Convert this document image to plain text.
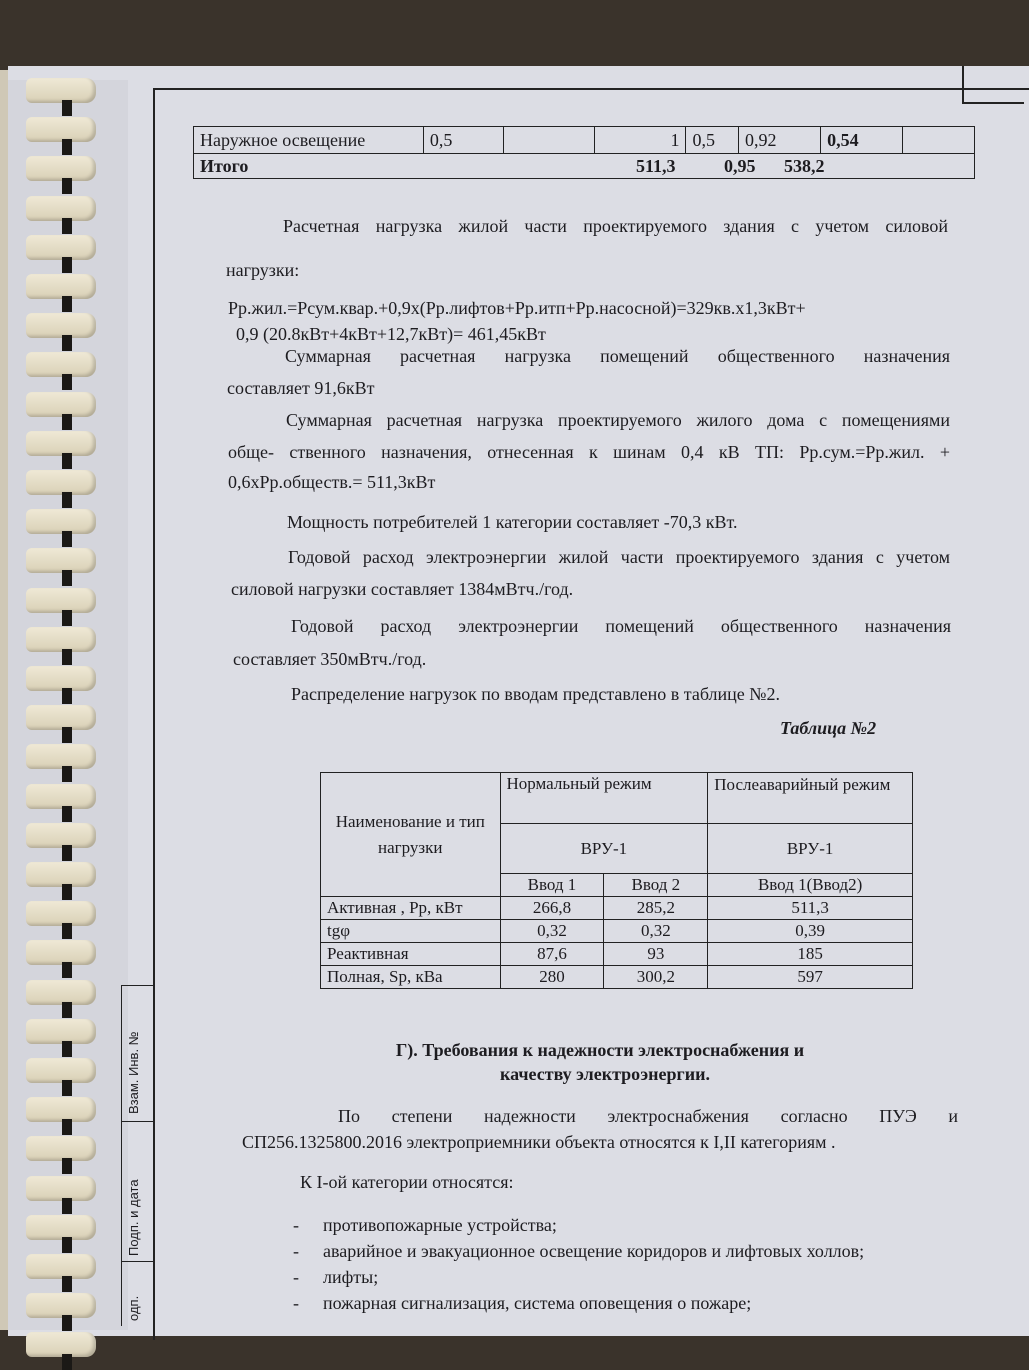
Взам. Инв. №
Подп. и дата
одп.
Наружное освещение	0,5		1	0,5	0,92	0,54	
Итого	511,3	0,95 538,2

Расчетная нагрузка жилой части проектируемого здания с учетом силовой

нагрузки:

Рр.жил.=Рсум.квар.+0,9х(Рр.лифтов+Рр.итп+Рр.насосной)=329кв.х1,3кВт+

0,9 (20.8кВт+4кВт+12,7кВт)= 461,45кВт

Суммарная расчетная нагрузка помещений общественного назначения

составляет 91,6кВт

Суммарная расчетная нагрузка проектируемого жилого дома с помещениями

обще- ственного назначения, отнесенная к шинам 0,4 кВ ТП: Рр.сум.=Рр.жил. +

0,6хРр.обществ.= 511,3кВт

Мощность потребителей 1 категории составляет -70,3 кВт.

Годовой расход электроэнергии жилой части проектируемого здания с учетом

силовой нагрузки составляет 1384мВтч./год.

Годовой расход электроэнергии помещений общественного назначения

составляет 350мВтч./год.

Распределение нагрузок по вводам представлено в таблице №2.

Таблица №2
Наименование и тип нагрузки	Нормальный режим		Послеаварийный режим
	ВРУ-1		ВРУ-1
	Ввод 1	Ввод 2	Ввод 1(Ввод2)
Активная , Рр, кВт	266,8	285,2	511,3
tgφ	0,32	0,32	0,39
Реактивная	87,6	93	185
Полная, Sр, кВа	280	300,2	597
Г). Требования к надежности электроснабжения и
качеству электроэнергии.

По степени надежности электроснабжения согласно ПУЭ и

СП256.1325800.2016 электроприемники объекта относятся к I,II категориям .

К I-ой категории относятся:

- противопожарные устройства;
- аварийное и эвакуационное освещение коридоров и лифтовых холлов;
- лифты;
- пожарная сигнализация, система оповещения о пожаре;
